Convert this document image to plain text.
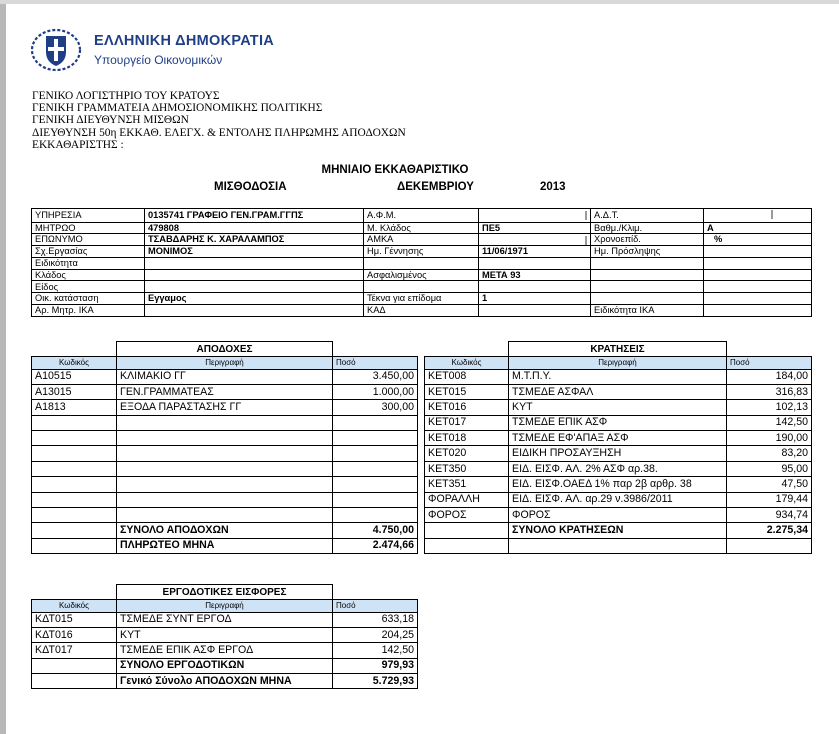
ΕΛΛΗΝΙΚΗ ΔΗΜΟΚΡΑΤΙΑ
Υπουργείο Οικονομικών
ΓΕΝΙΚΟ ΛΟΓΙΣΤΗΡΙΟ ΤΟΥ ΚΡΑΤΟΥΣ
ΓΕΝΙΚΗ ΓΡΑΜΜΑΤΕΙΑ ΔΗΜΟΣΙΟΝΟΜΙΚΗΣ ΠΟΛΙΤΙΚΗΣ
ΓΕΝΙΚΗ ΔΙΕΥΘΥΝΣΗ ΜΙΣΘΩΝ
ΔΙΕΥΘΥΝΣΗ 50η ΕΚΚΑΘ. ΕΛΕΓΧ. & ΕΝΤΟΛΗΣ ΠΛΗΡΩΜΗΣ ΑΠΟΔΟΧΩΝ
ΕΚΚΑΘΑΡΙΣΤΗΣ :
ΜΗΝΙΑΙΟ ΕΚΚΑΘΑΡΙΣΤΙΚΟ
ΜΙΣΘΟΔΟΣΙΑ	ΔΕΚΕΜΒΡΙΟΥ	2013
ΥΠΗΡΕΣΙΑ	0135741 ΓΡΑΦΕΙΟ ΓΕΝ.ΓΡΑΜ.ΓΓΠΣ	Α.Φ.Μ.		Α.Δ.Τ.	
ΜΗΤΡΩΟ	479808	Μ. Κλάδος	ΠΕ5	Βαθμ./Κλιμ.	Α
ΕΠΩΝΥΜΟ	ΤΣΑΒΔΑΡΗΣ Κ. ΧΑΡΑΛΑΜΠΟΣ	ΑΜΚΑ		Χρονοεπίδ.	%
Σχ.Εργασίας	ΜΟΝΙΜΟΣ	Ημ. Γέννησης	11/06/1971	Ημ. Πρόσληψης	
Ειδικότητα					
Κλάδος		Ασφαλισμένος	ΜΕΤΑ 93		
Είδος					
Οικ. κατάσταση	Εγγαμος	Τέκνα για επίδομα	1		
Αρ. Μητρ. ΙΚΑ		ΚΑΔ		Ειδικότητα ΙΚΑ	
	ΑΠΟΔΟΧΕΣ	
Κωδικός	Περιγραφή	Ποσό
Α10515	ΚΛΙΜΑΚΙΟ ΓΓ	3.450,00
Α13015	ΓΕΝ.ΓΡΑΜΜΑΤΕΑΣ	1.000,00
Α1813	ΕΞΟΔΑ ΠΑΡΑΣΤΑΣΗΣ ΓΓ	300,00

	ΣΥΝΟΛΟ ΑΠΟΔΟΧΩΝ	4.750,00
	ΠΛΗΡΩΤΕΟ ΜΗΝΑ	2.474,66
	ΚΡΑΤΗΣΕΙΣ	
Κωδικός	Περιγραφή	Ποσό
ΚΕΤ008	Μ.Τ.Π.Υ.	184,00
ΚΕΤ015	ΤΣΜΕΔΕ ΑΣΦΑΛ	316,83
ΚΕΤ016	ΚΥΤ	102,13
ΚΕΤ017	ΤΣΜΕΔΕ ΕΠΙΚ ΑΣΦ	142,50
ΚΕΤ018	ΤΣΜΕΔΕ ΕΦ'ΑΠΑΞ ΑΣΦ	190,00
ΚΕΤ020	ΕΙΔΙΚΗ ΠΡΟΣΑΥΞΗΣΗ	83,20
ΚΕΤ350	ΕΙΔ. ΕΙΣΦ. ΑΛ. 2% ΑΣΦ αρ.38.	95,00
ΚΕΤ351	ΕΙΔ. ΕΙΣΦ.ΟΑΕΔ 1% παρ 2β αρθρ. 38	47,50
ΦΟΡΑΛΛΗ	ΕΙΔ. ΕΙΣΦ. ΑΛ. αρ.29 ν.3986/2011	179,44
ΦΟΡΟΣ	ΦΟΡΟΣ	934,74
	ΣΥΝΟΛΟ ΚΡΑΤΗΣΕΩΝ	2.275,34

	ΕΡΓΟΔΟΤΙΚΕΣ ΕΙΣΦΟΡΕΣ	
Κωδικός	Περιγραφή	Ποσό
ΚΔΤ015	ΤΣΜΕΔΕ ΣΥΝΤ ΕΡΓΟΔ	633,18
ΚΔΤ016	ΚΥΤ	204,25
ΚΔΤ017	ΤΣΜΕΔΕ ΕΠΙΚ ΑΣΦ ΕΡΓΟΔ	142,50
	ΣΥΝΟΛΟ ΕΡΓΟΔΟΤΙΚΩΝ	979,93
	Γενικό Σύνολο ΑΠΟΔΟΧΩΝ ΜΗΝΑ	5.729,93
